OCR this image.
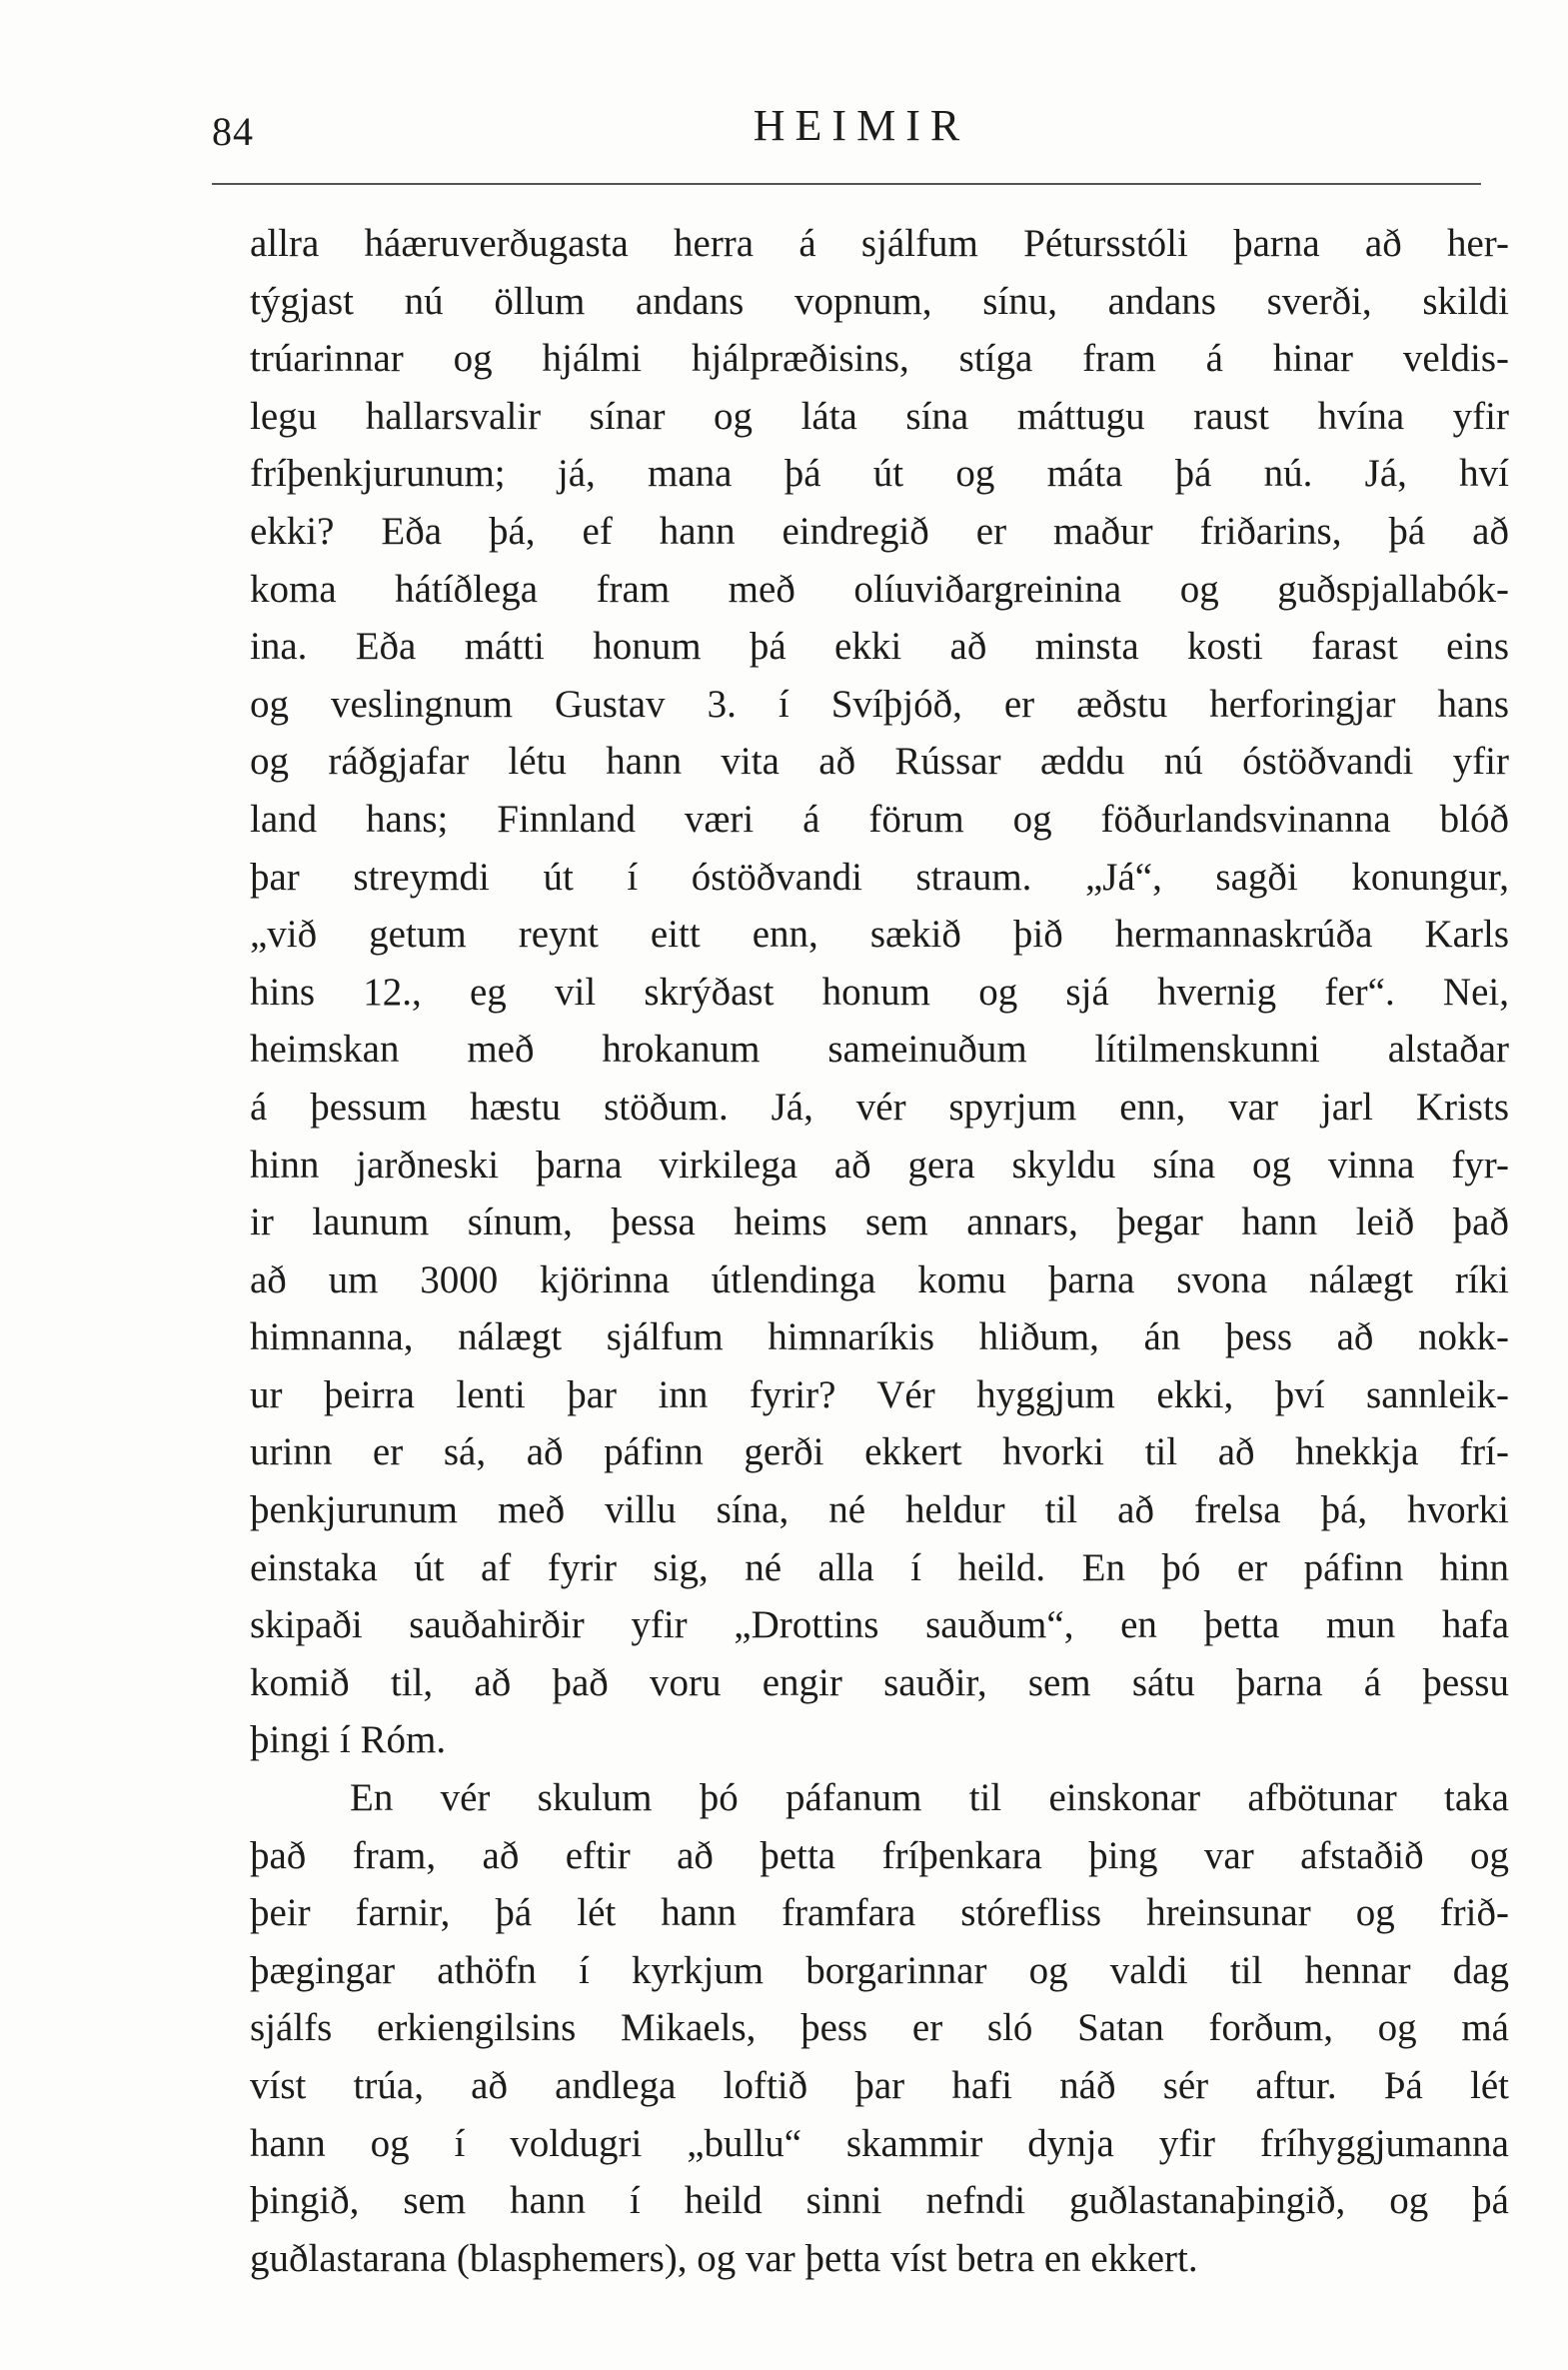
84	HEIMIR
allra háæruverðugasta herra á sjálfum Pétursstóli þarna að her-
týgjast nú öllum andans vopnum, sínu, andans sverði, skildi
trúarinnar og hjálmi hjálpræðisins, stíga fram á hinar veldis-
legu hallarsvalir sínar og láta sína máttugu raust hvína yfir
fríþenkjurunum; já, mana þá út og máta þá nú. Já, hví
ekki? Eða þá, ef hann eindregið er maður friðarins, þá að
koma hátíðlega fram með olíuviðargreinina og guðspjallabók-
ina. Eða mátti honum þá ekki að minsta kosti farast eins
og veslingnum Gustav 3. í Svíþjóð, er æðstu herforingjar hans
og ráðgjafar létu hann vita að Rússar æddu nú óstöðvandi yfir
land hans; Finnland væri á förum og föðurlandsvinanna blóð
þar streymdi út í óstöðvandi straum. „Já“, sagði konungur,
„við getum reynt eitt enn, sækið þið hermannaskrúða Karls
hins 12., eg vil skrýðast honum og sjá hvernig fer“. Nei,
heimskan með hrokanum sameinuðum lítilmenskunni alstaðar
á þessum hæstu stöðum. Já, vér spyrjum enn, var jarl Krists
hinn jarðneski þarna virkilega að gera skyldu sína og vinna fyr-
ir launum sínum, þessa heims sem annars, þegar hann leið það
að um 3000 kjörinna útlendinga komu þarna svona nálægt ríki
himnanna, nálægt sjálfum himnaríkis hliðum, án þess að nokk-
ur þeirra lenti þar inn fyrir? Vér hyggjum ekki, því sannleik-
urinn er sá, að páfinn gerði ekkert hvorki til að hnekkja frí-
þenkjurunum með villu sína, né heldur til að frelsa þá, hvorki
einstaka út af fyrir sig, né alla í heild. En þó er páfinn hinn
skipaði sauðahirðir yfir „Drottins sauðum“, en þetta mun hafa
komið til, að það voru engir sauðir, sem sátu þarna á þessu
þingi í Róm.
En vér skulum þó páfanum til einskonar afbötunar taka
það fram, að eftir að þetta fríþenkara þing var afstaðið og
þeir farnir, þá lét hann framfara stórefliss hreinsunar og frið-
þægingar athöfn í kyrkjum borgarinnar og valdi til hennar dag
sjálfs erkiengilsins Mikaels, þess er sló Satan forðum, og má
víst trúa, að andlega loftið þar hafi náð sér aftur. Þá lét
hann og í voldugri „bullu“ skammir dynja yfir fríhyggjumanna
þingið, sem hann í heild sinni nefndi guðlastanaþingið, og þá
guðlastarana (blasphemers), og var þetta víst betra en ekkert.
